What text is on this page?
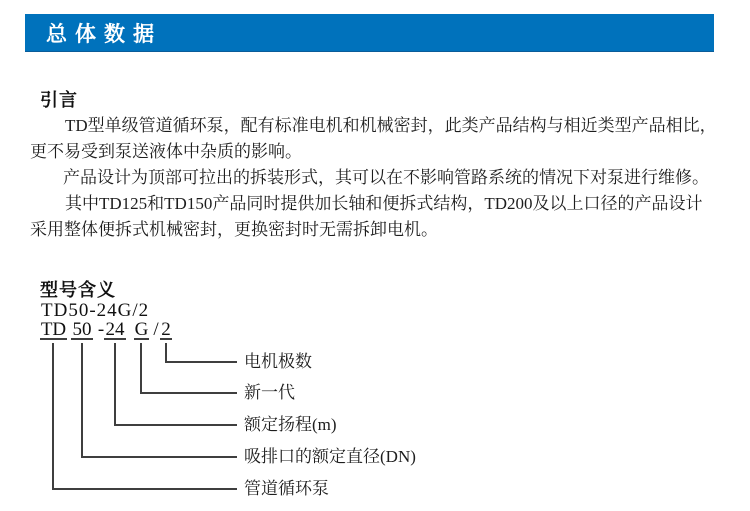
总体数据
引言
TD型单级管道循环泵，配有标准电机和机械密封，此类产品结构与相近类型产品相比，
更不易受到泵送液体中杂质的影响。
产品设计为顶部可拉出的拆装形式，其可以在不影响管路系统的情况下对泵进行维修。
其中TD125和TD150产品同时提供加长轴和便拆式结构，TD200及以上口径的产品设计
采用整体便拆式机械密封，更换密封时无需拆卸电机。
型号含义
TD50-24G/2
TD 50 - 24 G / 2
电机极数
新一代
额定扬程(m)
吸排口的额定直径(DN)
管道循环泵
